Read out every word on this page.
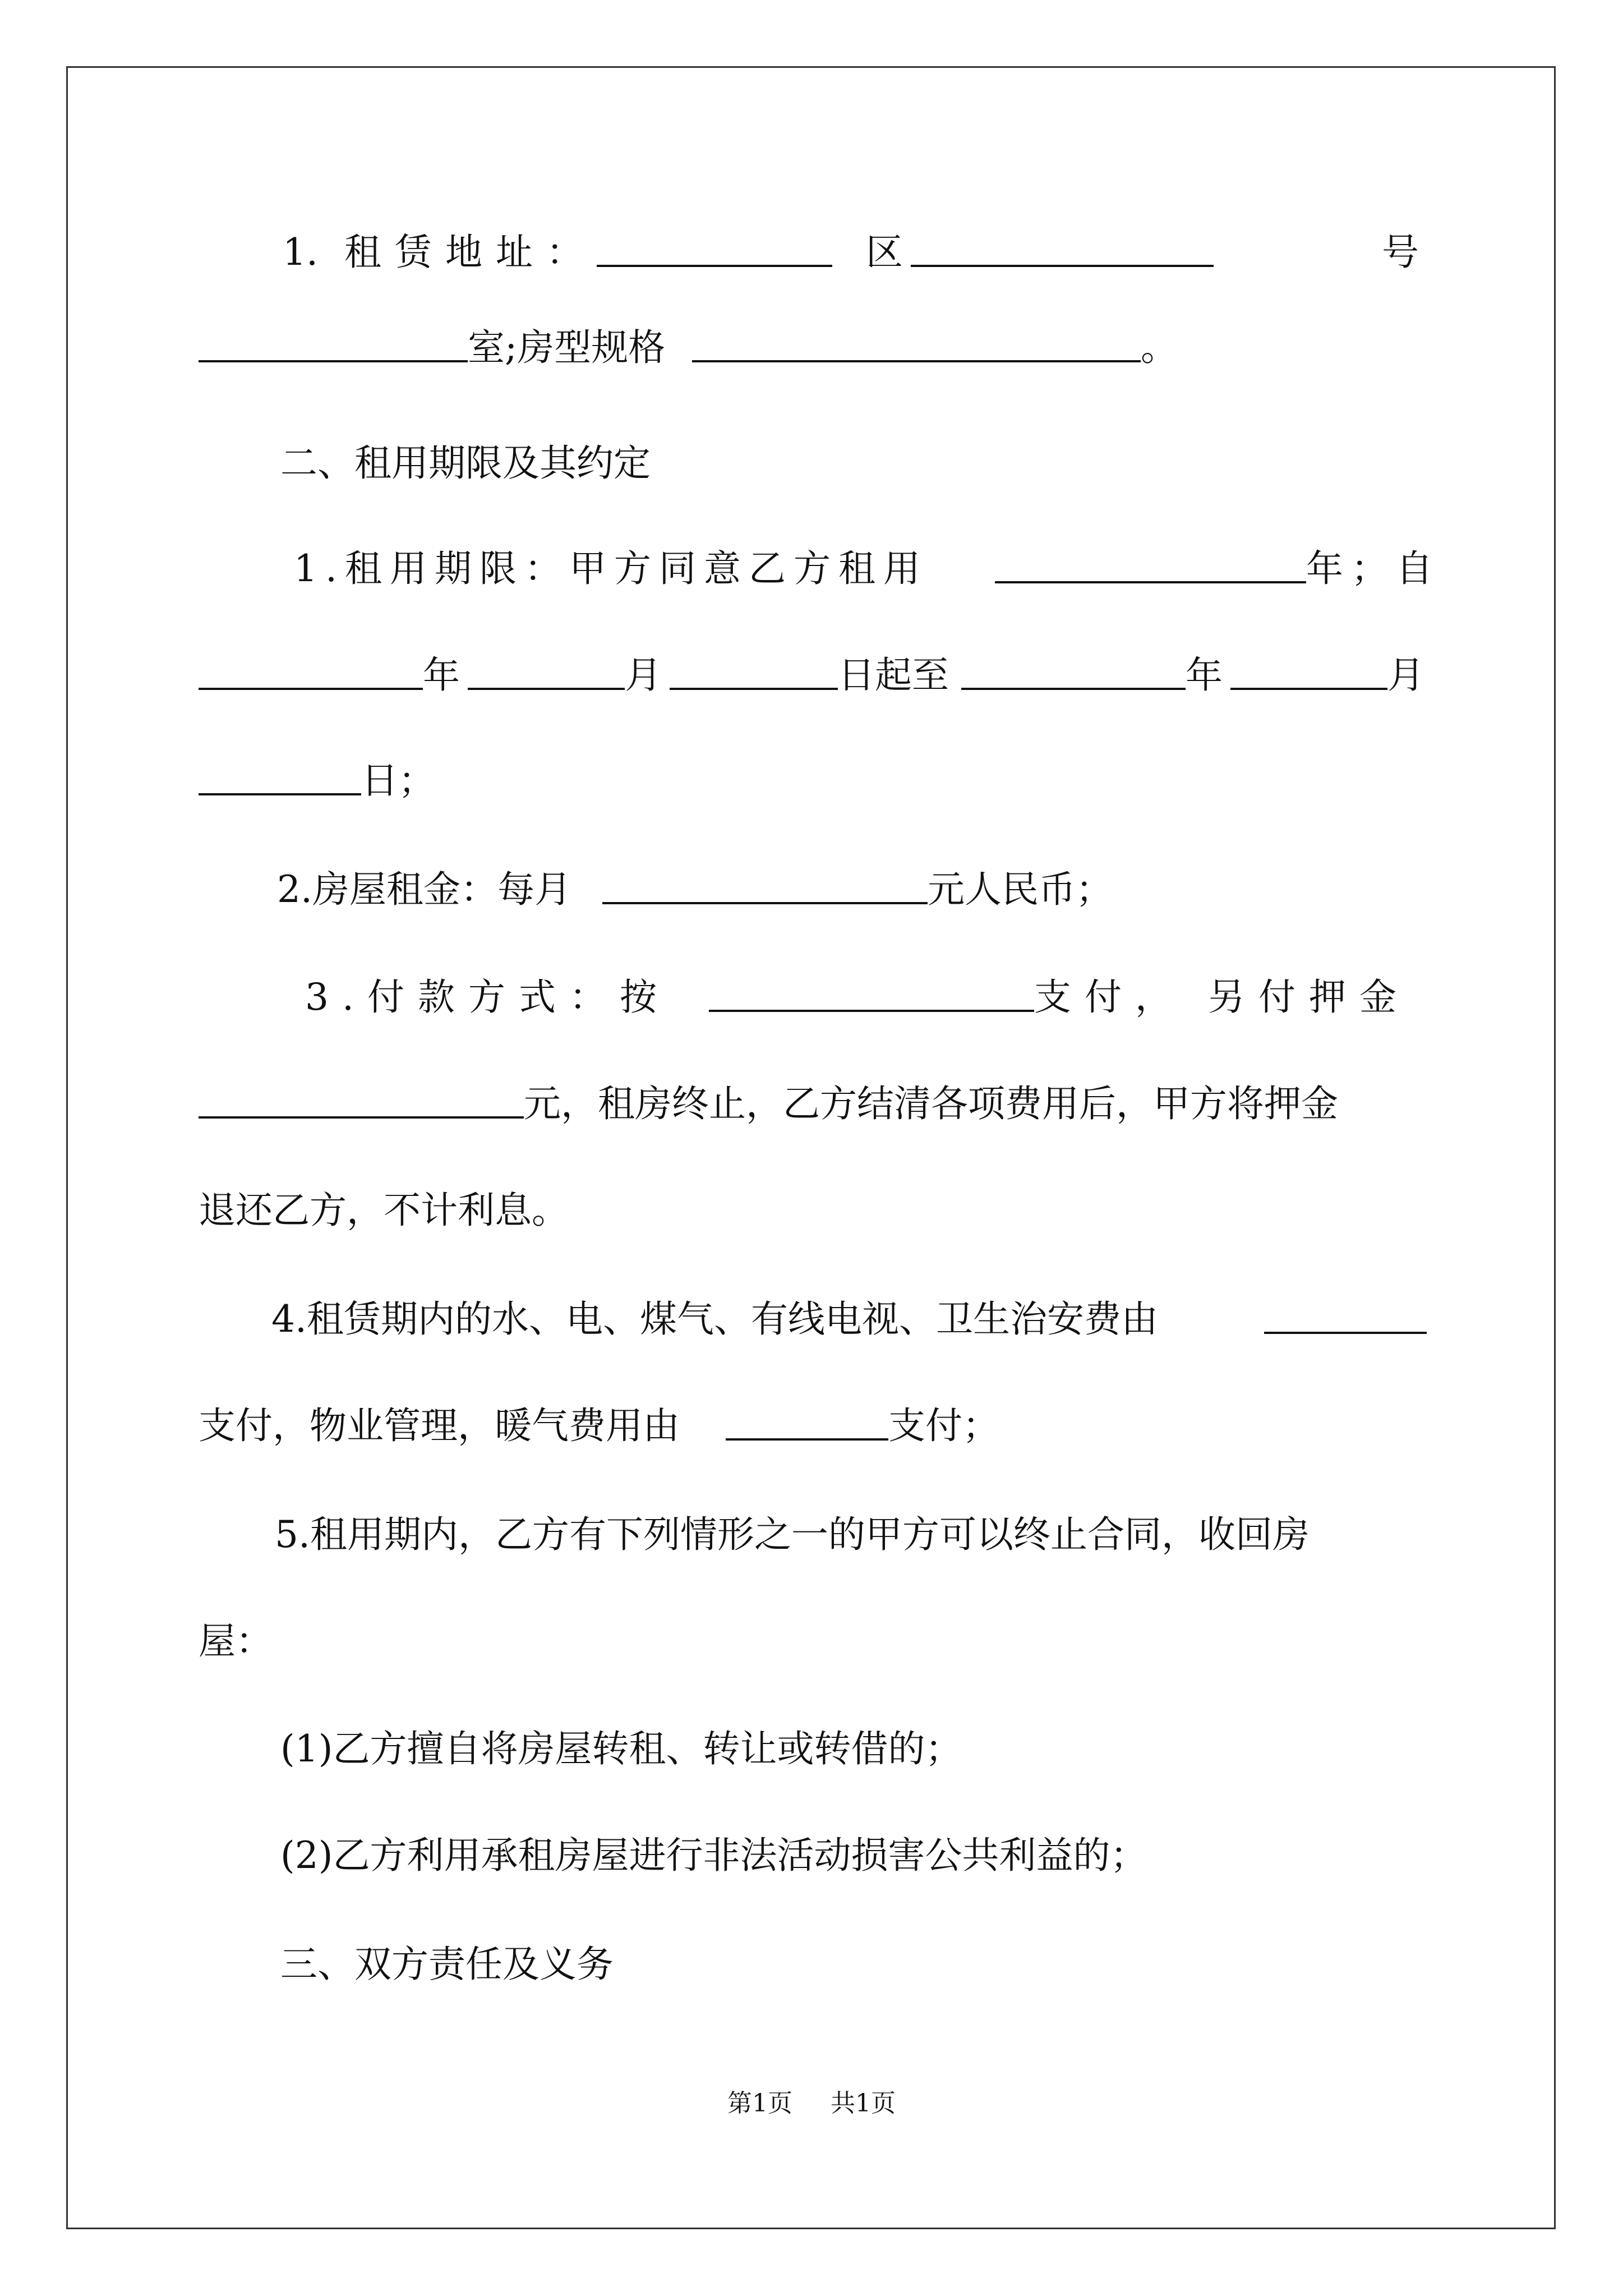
1. 租赁地址：	区	号
室;房型规格	。
二、租用期限及其约定
1.租用期限：甲方同意乙方租用	年；自
年	月	日起至	年	月
日；
2.房屋租金：每月	元人民币；
3.付款方式：按	支付， 另付押金
元，租房终止，乙方结清各项费用后，甲方将押金
退还乙方，不计利息。
4.租赁期内的水、电、煤气、有线电视、卫生治安费由
支付，物业管理，暖气费用由	支付；
5.租用期内，乙方有下列情形之一的甲方可以终止合同，收回房
屋：
(1)乙方擅自将房屋转租、转让或转借的；
(2)乙方利用承租房屋进行非法活动损害公共利益的；
三、双方责任及义务
第1页 共1页
